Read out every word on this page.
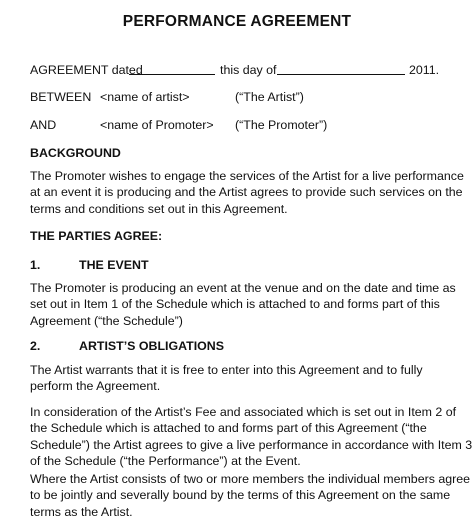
PERFORMANCE AGREEMENT
AGREEMENT dated	this day of	2011.
BETWEEN <name of artist>	(“The Artist”)
AND	<name of Promoter> (“The Promoter”)
BACKGROUND
The Promoter wishes to engage the services of the Artist for a live performance
at an event it is producing and the Artist agrees to provide such services on the
terms and conditions set out in this Agreement.
THE PARTIES AGREE:
1.	THE EVENT
The Promoter is producing an event at the venue and on the date and time as
set out in Item 1 of the Schedule which is attached to and forms part of this
Agreement (“the Schedule”)
2.	ARTIST’S OBLIGATIONS
The Artist warrants that it is free to enter into this Agreement and to fully
perform the Agreement.
In consideration of the Artist’s Fee and associated which is set out in Item 2 of
the Schedule which is attached to and forms part of this Agreement (“the
Schedule”) the Artist agrees to give a live performance in accordance with Item 3
of the Schedule (“the Performance”) at the Event.
Where the Artist consists of two or more members the individual members agree
to be jointly and severally bound by the terms of this Agreement on the same
terms as the Artist.
